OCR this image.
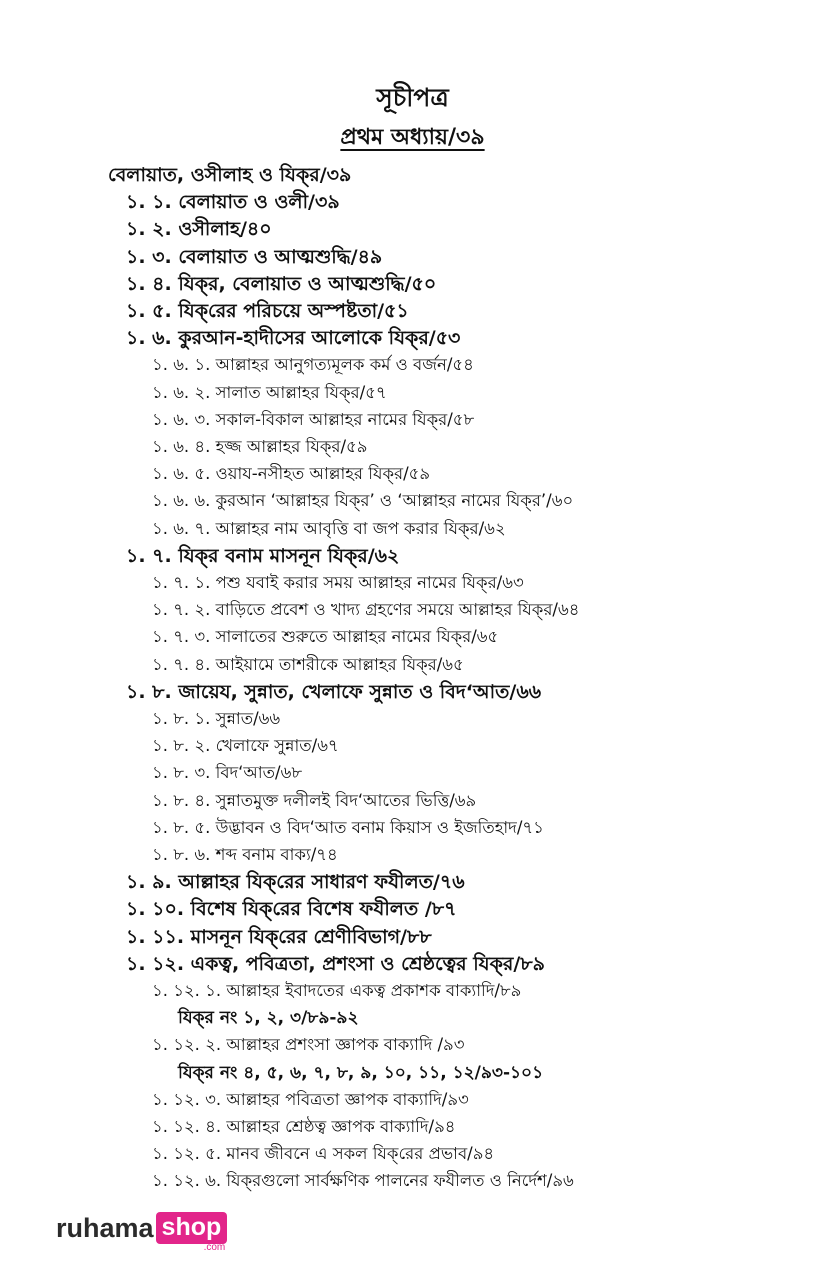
সূচীপত্র
প্রথম অধ্যায়/৩৯
বেলায়াত, ওসীলাহ ও যিক্‌র/৩৯
১. ১. বেলায়াত ও ওলী/৩৯
১. ২. ওসীলাহ/৪০
১. ৩. বেলায়াত ও আত্মশুদ্ধি/৪৯
১. ৪. যিক্‌র, বেলায়াত ও আত্মশুদ্ধি/৫০
১. ৫. যিক্‌রের পরিচয়ে অস্পষ্টতা/৫১
১. ৬. কুরআন-হাদীসের আলোকে যিক্‌র/৫৩
১. ৬. ১. আল্লাহর আনুগত্যমূলক কর্ম ও বর্জন/৫৪
১. ৬. ২. সালাত আল্লাহর যিক্‌র/৫৭
১. ৬. ৩. সকাল-বিকাল আল্লাহর নামের যিক্‌র/৫৮
১. ৬. ৪. হজ্জ আল্লাহর যিক্‌র/৫৯
১. ৬. ৫. ওয়ায-নসীহত আল্লাহর যিক্‌র/৫৯
১. ৬. ৬. কুরআন ‘আল্লাহর যিক্‌র’ ও ‘আল্লাহর নামের যিক্‌র’/৬০
১. ৬. ৭. আল্লাহর নাম আবৃত্তি বা জপ করার যিক্‌র/৬২
১. ৭. যিক্‌র বনাম মাসনূন যিক্‌র/৬২
১. ৭. ১. পশু যবাই করার সময় আল্লাহর নামের যিক্‌র/৬৩
১. ৭. ২. বাড়িতে প্রবেশ ও খাদ্য গ্রহণের সময়ে আল্লাহর যিক্‌র/৬৪
১. ৭. ৩. সালাতের শুরুতে আল্লাহর নামের যিক্‌র/৬৫
১. ৭. ৪. আইয়ামে তাশরীকে আল্লাহর যিক্‌র/৬৫
১. ৮. জায়েয, সুন্নাত, খেলাফে সুন্নাত ও বিদ‘আত/৬৬
১. ৮. ১. সুন্নাত/৬৬
১. ৮. ২. খেলাফে সুন্নাত/৬৭
১. ৮. ৩. বিদ‘আত/৬৮
১. ৮. ৪. সুন্নাতমুক্ত দলীলই বিদ‘আতের ভিত্তি/৬৯
১. ৮. ৫. উদ্ভাবন ও বিদ‘আত বনাম কিয়াস ও ইজতিহাদ/৭১
১. ৮. ৬. শব্দ বনাম বাক্য/৭৪
১. ৯. আল্লাহর যিক্‌রের সাধারণ ফযীলত/৭৬
১. ১০. বিশেষ যিক্‌রের বিশেষ ফযীলত /৮৭
১. ১১. মাসনূন যিক্‌রের শ্রেণীবিভাগ/৮৮
১. ১২. একত্ব, পবিত্রতা, প্রশংসা ও শ্রেষ্ঠত্বের যিক্‌র/৮৯
১. ১২. ১. আল্লাহর ইবাদতের একত্ব প্রকাশক বাক্যাদি/৮৯
যিক্‌র নং ১, ২, ৩/৮৯-৯২
১. ১২. ২. আল্লাহর প্রশংসা জ্ঞাপক বাক্যাদি /৯৩
যিক্‌র নং ৪, ৫, ৬, ৭, ৮, ৯, ১০, ১১, ১২/৯৩-১০১
১. ১২. ৩. আল্লাহর পবিত্রতা জ্ঞাপক বাক্যাদি/৯৩
১. ১২. ৪. আল্লাহর শ্রেষ্ঠত্ব জ্ঞাপক বাক্যাদি/৯৪
১. ১২. ৫. মানব জীবনে এ সকল যিক্‌রের প্রভাব/৯৪
১. ১২. ৬. যিক্‌রগুলো সার্বক্ষণিক পালনের ফযীলত ও নির্দেশ/৯৬
ruhama shop
.com
